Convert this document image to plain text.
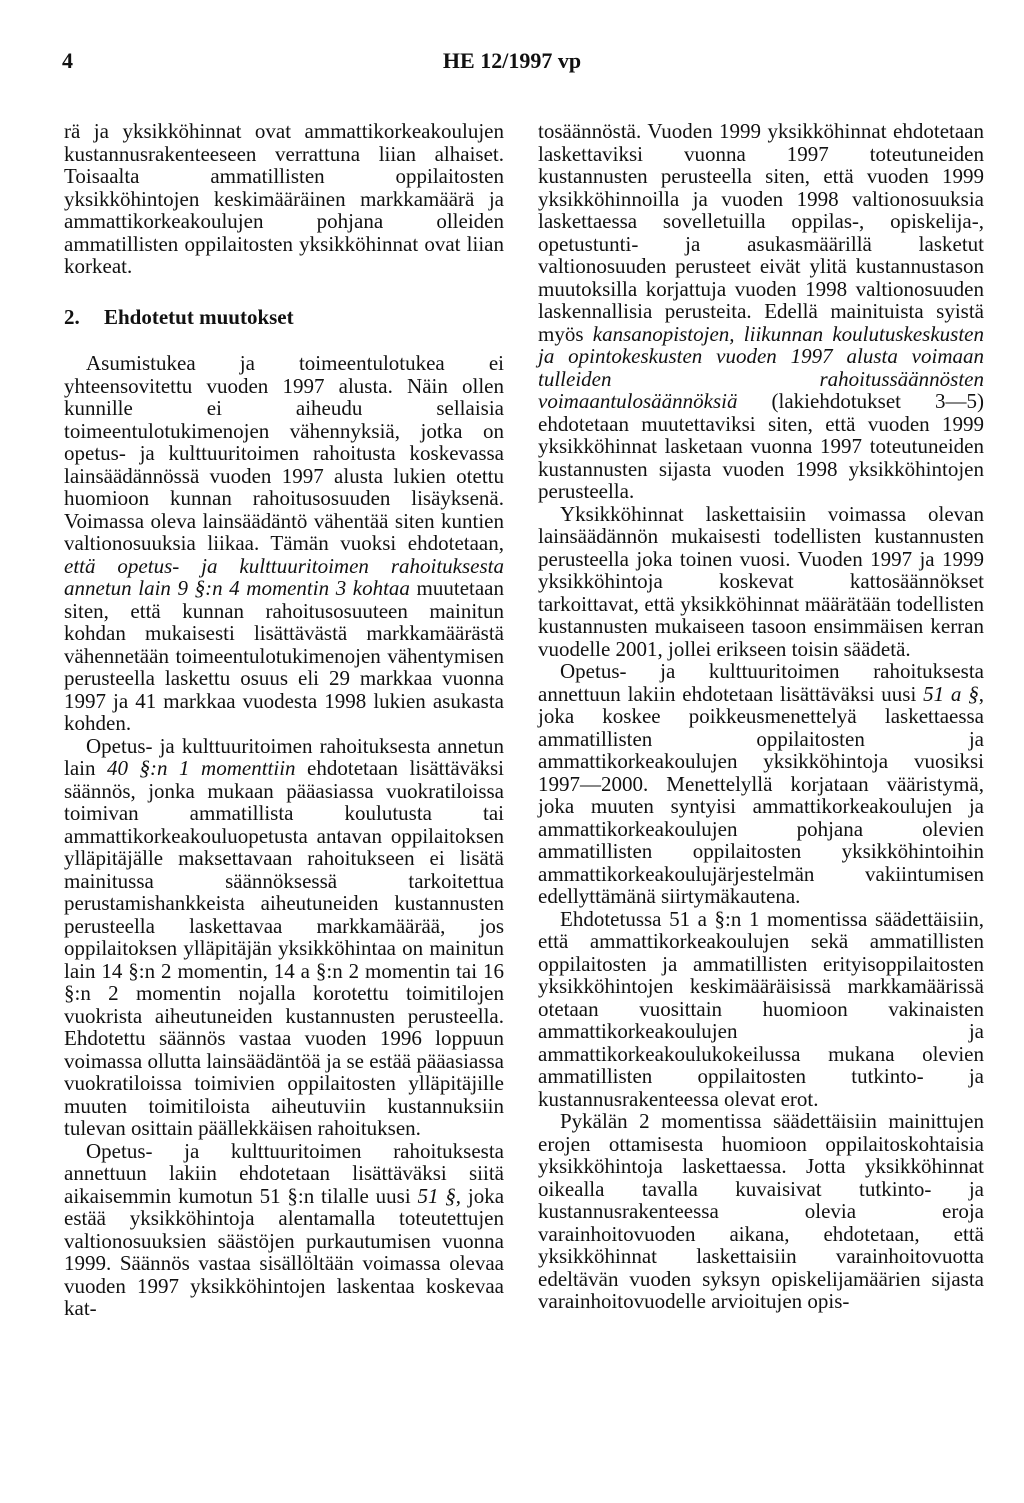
4	HE 12/1997 vp

rä ja yksikköhinnat ovat ammattikorkeakoulujen kustannusrakenteeseen verrattuna liian alhaiset. Toisaalta ammatillisten oppilaitosten yksikköhintojen keskimääräinen markkamäärä ja ammattikorkeakoulujen pohjana olleiden ammatillisten oppilaitosten yksikköhinnat ovat liian korkeat.

2. Ehdotetut muutokset

Asumistukea ja toimeentulotukea ei yhteensovitettu vuoden 1997 alusta. Näin ollen kunnille ei aiheudu sellaisia toimeentulotukimenojen vähennyksiä, jotka on opetus- ja kulttuuritoimen rahoitusta koskevassa lainsäädännössä vuoden 1997 alusta lukien otettu huomioon kunnan rahoitusosuuden lisäyksenä. Voimassa oleva lainsäädäntö vähentää siten kuntien valtionosuuksia liikaa. Tämän vuoksi ehdotetaan, että opetus- ja kulttuuritoimen rahoituksesta annetun lain 9 §:n 4 momentin 3 kohtaa muutetaan siten, että kunnan rahoitusosuuteen mainitun kohdan mukaisesti lisättävästä markkamäärästä vähennetään toimeentulotukimenojen vähentymisen perusteella laskettu osuus eli 29 markkaa vuonna 1997 ja 41 markkaa vuodesta 1998 lukien asukasta kohden.

Opetus- ja kulttuuritoimen rahoituksesta annetun lain 40 §:n 1 momenttiin ehdotetaan lisättäväksi säännös, jonka mukaan pääasiassa vuokratiloissa toimivan ammatillista koulutusta tai ammattikorkeakouluopetusta antavan oppilaitoksen ylläpitäjälle maksettavaan rahoitukseen ei lisätä mainitussa säännöksessä tarkoitettua perustamishankkeista aiheutuneiden kustannusten perusteella laskettavaa markkamäärää, jos oppilaitoksen ylläpitäjän yksikköhintaa on mainitun lain 14 §:n 2 momentin, 14 a §:n 2 momentin tai 16 §:n 2 momentin nojalla korotettu toimitilojen vuokrista aiheutuneiden kustannusten perusteella. Ehdotettu säännös vastaa vuoden 1996 loppuun voimassa ollutta lainsäädäntöä ja se estää pääasiassa vuokratiloissa toimivien oppilaitosten ylläpitäjille muuten toimitiloista aiheutuviin kustannuksiin tulevan osittain päällekkäisen rahoituksen.

Opetus- ja kulttuuritoimen rahoituksesta annettuun lakiin ehdotetaan lisättäväksi siitä aikaisemmin kumotun 51 §:n tilalle uusi 51 §, joka estää yksikköhintoja alentamalla toteutettujen valtionosuuksien säästöjen purkautumisen vuonna 1999. Säännös vastaa sisällöltään voimassa olevaa vuoden 1997 yksikköhintojen laskentaa koskevaa kat-

tosäännöstä. Vuoden 1999 yksikköhinnat ehdotetaan laskettaviksi vuonna 1997 toteutuneiden kustannusten perusteella siten, että vuoden 1999 yksikköhinnoilla ja vuoden 1998 valtionosuuksia laskettaessa sovelletuilla oppilas-, opiskelija-, opetustunti- ja asukasmäärillä lasketut valtionosuuden perusteet eivät ylitä kustannustason muutoksilla korjattuja vuoden 1998 valtionosuuden laskennallisia perusteita. Edellä mainituista syistä myös kansanopistojen, liikunnan koulutuskeskusten ja opintokeskusten vuoden 1997 alusta voimaan tulleiden rahoitussäännösten voimaantulosäännöksiä (lakiehdotukset 3—5) ehdotetaan muutettaviksi siten, että vuoden 1999 yksikköhinnat lasketaan vuonna 1997 toteutuneiden kustannusten sijasta vuoden 1998 yksikköhintojen perusteella.

Yksikköhinnat laskettaisiin voimassa olevan lainsäädännön mukaisesti todellisten kustannusten perusteella joka toinen vuosi. Vuoden 1997 ja 1999 yksikköhintoja koskevat kattosäännökset tarkoittavat, että yksikköhinnat määrätään todellisten kustannusten mukaiseen tasoon ensimmäisen kerran vuodelle 2001, jollei erikseen toisin säädetä.

Opetus- ja kulttuuritoimen rahoituksesta annettuun lakiin ehdotetaan lisättäväksi uusi 51 a §, joka koskee poikkeusmenettelyä laskettaessa ammatillisten oppilaitosten ja ammattikorkeakoulujen yksikköhintoja vuosiksi 1997—2000. Menettelyllä korjataan vääristymä, joka muuten syntyisi ammattikorkeakoulujen ja ammattikorkeakoulujen pohjana olevien ammatillisten oppilaitosten yksikköhintoihin ammattikorkeakoulujärjestelmän vakiintumisen edellyttämänä siirtymäkautena.

Ehdotetussa 51 a §:n 1 momentissa säädettäisiin, että ammattikorkeakoulujen sekä ammatillisten oppilaitosten ja ammatillisten erityisoppilaitosten yksikköhintojen keskimääräisissä markkamäärissä otetaan vuosittain huomioon vakinaisten ammattikorkeakoulujen ja ammattikorkeakoulukokeilussa mukana olevien ammatillisten oppilaitosten tutkinto- ja kustannusrakenteessa olevat erot.

Pykälän 2 momentissa säädettäisiin mainittujen erojen ottamisesta huomioon oppilaitoskohtaisia yksikköhintoja laskettaessa. Jotta yksikköhinnat oikealla tavalla kuvaisivat tutkinto- ja kustannusrakenteessa olevia eroja varainhoitovuoden aikana, ehdotetaan, että yksikköhinnat laskettaisiin varainhoitovuotta edeltävän vuoden syksyn opiskelijamäärien sijasta varainhoitovuodelle arvioitujen opis-
